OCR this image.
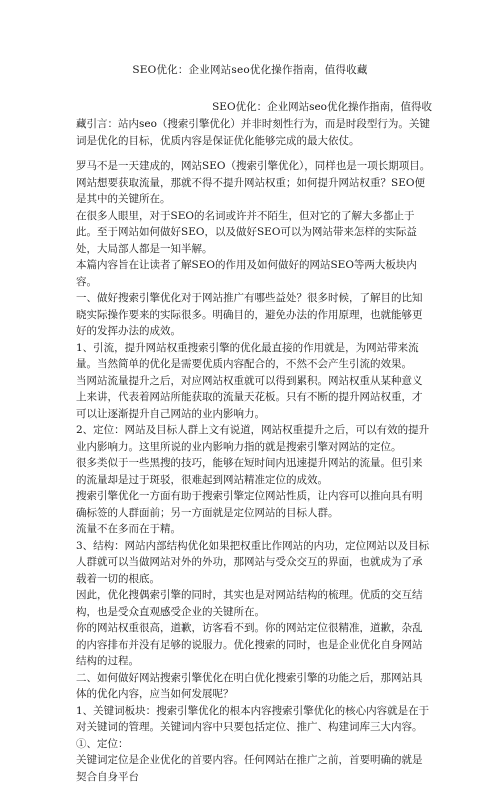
SEO优化：企业网站seo优化操作指南，值得收藏
SEO优化：企业网站seo优化操作指南，值得收
藏引言：站内seo（搜索引擎优化）并非时刻性行为，而是时段型行为。关键词是优化的目标，优质内容是保证优化能够完成的最大依仗。

罗马不是一天建成的，网站SEO（搜索引擎优化），同样也是一项长期项目。

网站想要获取流量，那就不得不提升网站权重；如何提升网站权重？SEO便是其中的关键所在。

在很多人眼里，对于SEO的名词或许并不陌生，但对它的了解大多都止于此。至于网站如何做好SEO，以及做好SEO可以为网站带来怎样的实际益处，大局部人都是一知半解。

本篇内容旨在让读者了解SEO的作用及如何做好的网站SEO等两大板块内容。

一、做好搜索引擎优化对于网站推广有哪些益处？很多时候，了解目的比知晓实际操作要来的实际很多。明确目的，避免办法的作用原理，也就能够更好的发挥办法的成效。

1、引流，提升网站权重搜索引擎的优化最直接的作用就是，为网站带来流量。当然简单的优化是需要优质内容配合的，不然不会产生引流的效果。

当网站流量提升之后，对应网站权重就可以得到累积。网站权重从某种意义上来讲，代表着网站所能获取的流量天花板。只有不断的提升网站权重，才可以让逐渐提升自己网站的业内影响力。

2、定位：网站及目标人群上文有说道，网站权重提升之后，可以有效的提升业内影响力。这里所说的业内影响力指的就是搜索引擎对网站的定位。

很多类似于一些黑搜的技巧，能够在短时间内迅速提升网站的流量。但引来的流量却是过于斑驳，很难起到网站精准定位的成效。

搜索引擎优化一方面有助于搜索引擎定位网站性质，让内容可以推向具有明确标签的人群面前；另一方面就是定位网站的目标人群。

流量不在多而在于精。

3、结构：网站内部结构优化如果把权重比作网站的内功，定位网站以及目标人群就可以当做网站对外的外功，那网站与受众交互的界面，也就成为了承载着一切的根底。

因此，优化搜偶索引擎的同时，其实也是对网站结构的梳理。优质的交互结构，也是受众直观感受企业的关键所在。

你的网站权重很高，道歉，访客看不到。你的网站定位很精准，道歉，杂乱的内容排布并没有足够的说服力。优化搜索的同时，也是企业优化自身网站结构的过程。

二、如何做好网站搜索引擎优化在明白优化搜索引擎的功能之后，那网站具体的优化内容，应当如何发展呢？

1、关键词板块：搜索引擎优化的根本内容搜索引擎优化的核心内容就是在于对关键词的管理。关键词内容中只要包括定位、推广、构建词库三大内容。

①、定位：

关键词定位是企业优化的首要内容。任何网站在推广之前，首要明确的就是契合自身平台
